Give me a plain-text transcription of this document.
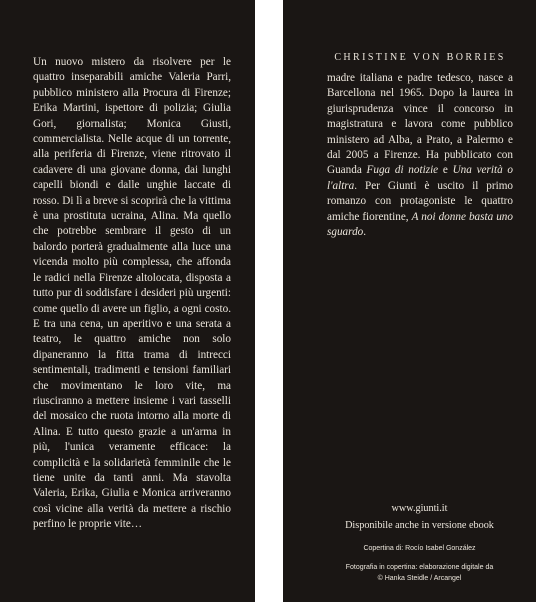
Un nuovo mistero da risolvere per le quattro inseparabili amiche Valeria Parri, pubblico ministero alla Procura di Firenze; Erika Martini, ispettore di polizia; Giulia Gori, giornalista; Monica Giusti, commercialista. Nelle acque di un torrente, alla periferia di Firenze, viene ritrovato il cadavere di una giovane donna, dai lunghi capelli biondi e dalle unghie laccate di rosso. Di lì a breve si scoprirà che la vittima è una prostituta ucraina, Alina. Ma quello che potrebbe sembrare il gesto di un balordo porterà gradualmente alla luce una vicenda molto più complessa, che affonda le radici nella Firenze altolocata, disposta a tutto pur di soddisfare i desideri più urgenti: come quello di avere un figlio, a ogni costo. E tra una cena, un aperitivo e una serata a teatro, le quattro amiche non solo dipaneranno la fitta trama di intrecci sentimentali, tradimenti e tensioni familiari che movimentano le loro vite, ma riusciranno a mettere insieme i vari tasselli del mosaico che ruota intorno alla morte di Alina. E tutto questo grazie a un'arma in più, l'unica veramente efficace: la complicità e la solidarietà femminile che le tiene unite da tanti anni. Ma stavolta Valeria, Erika, Giulia e Monica arriveranno così vicine alla verità da mettere a rischio perfino le proprie vite…

CHRISTINE VON BORRIES

madre italiana e padre tedesco, nasce a Barcellona nel 1965. Dopo la laurea in giurisprudenza vince il concorso in magistratura e lavora come pubblico ministero ad Alba, a Prato, a Palermo e dal 2005 a Firenze. Ha pubblicato con Guanda Fuga di notizie e Una verità o l'altra. Per Giunti è uscito il primo romanzo con protagoniste le quattro amiche fiorentine, A noi donne basta uno sguardo.

www.giunti.it
Disponibile anche in versione ebook
Copertina di: Rocío Isabel González
Fotografia in copertina: elaborazione digitale da
© Hanka Steidle / Arcangel
